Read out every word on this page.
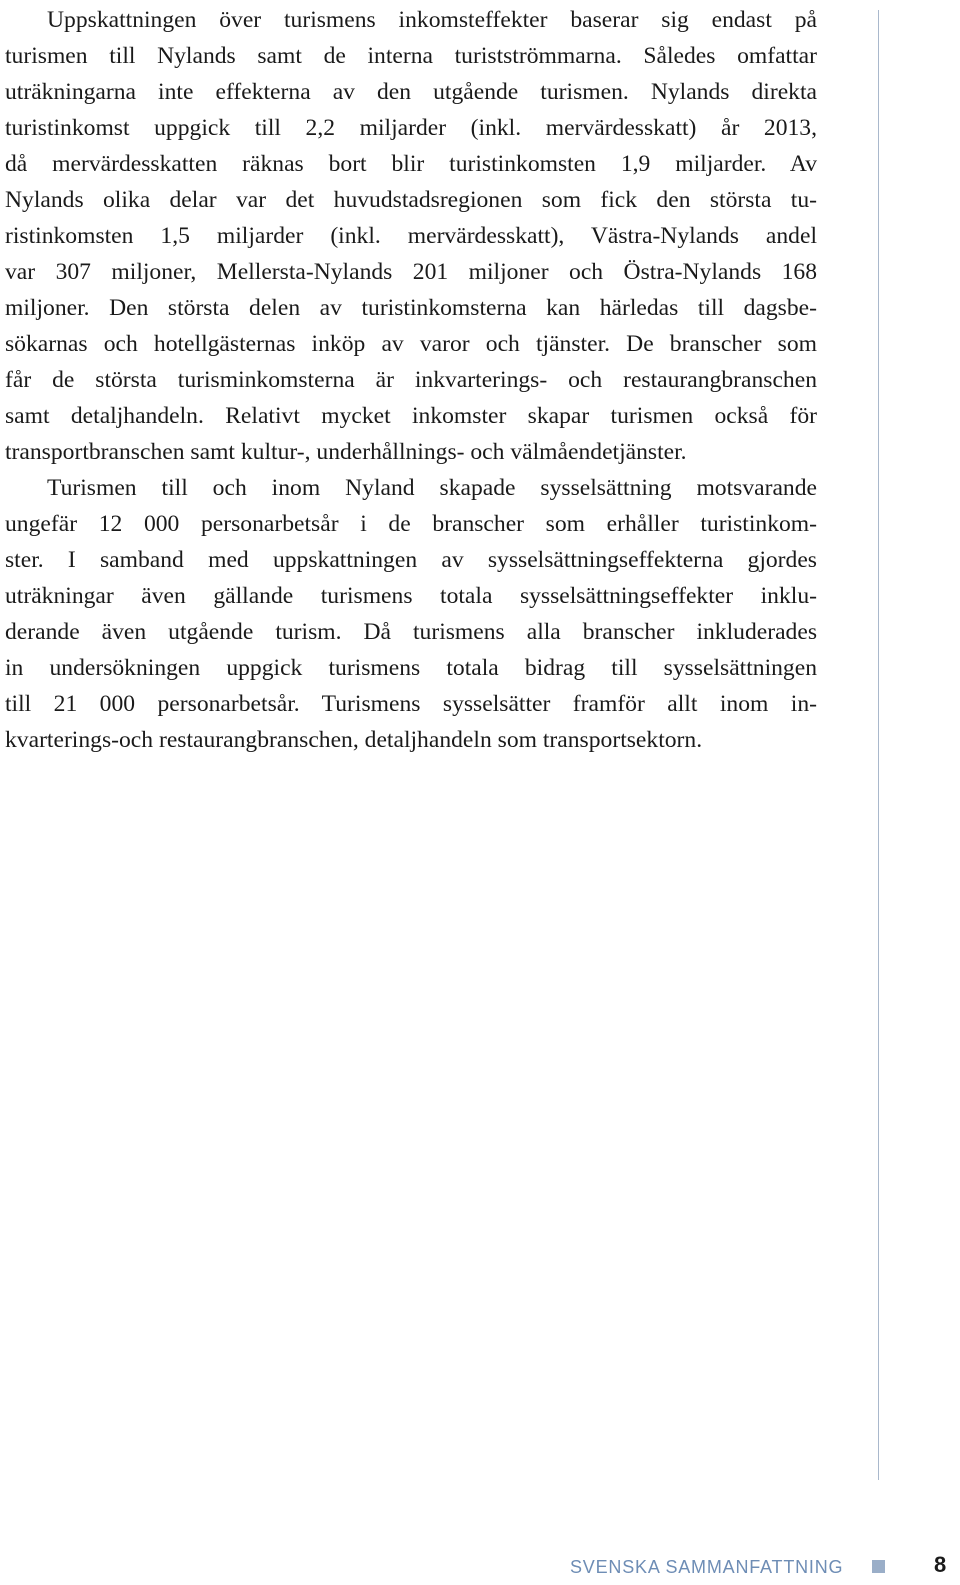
Uppskattningen över turismens inkomsteffekter baserar sig endast på
turismen till Nylands samt de interna turistströmmarna. Således omfattar
uträkningarna inte effekterna av den utgående turismen. Nylands direkta
turistinkomst uppgick till 2,2 miljarder (inkl. mervärdesskatt) år 2013,
då mervärdesskatten räknas bort blir turistinkomsten 1,9 miljarder. Av
Nylands olika delar var det huvudstadsregionen som fick den största tu-
ristinkomsten 1,5 miljarder (inkl. mervärdesskatt), Västra-Nylands andel
var 307 miljoner, Mellersta-Nylands 201 miljoner och Östra-Nylands 168
miljoner. Den största delen av turistinkomsterna kan härledas till dagsbe-
sökarnas och hotellgästernas inköp av varor och tjänster. De branscher som
får de största turisminkomsterna är inkvarterings- och restaurangbranschen
samt detaljhandeln. Relativt mycket inkomster skapar turismen också för
transportbranschen samt kultur-, underhållnings- och välmåendetjänster.
Turismen till och inom Nyland skapade sysselsättning motsvarande
ungefär 12 000 personarbetsår i de branscher som erhåller turistinkom-
ster. I samband med uppskattningen av sysselsättningseffekterna gjordes
uträkningar även gällande turismens totala sysselsättningseffekter inklu-
derande även utgående turism. Då turismens alla branscher inkluderades
in undersökningen uppgick turismens totala bidrag till sysselsättningen
till 21 000 personarbetsår. Turismens sysselsätter framför allt inom in-
kvarterings-och restaurangbranschen, detaljhandeln som transportsektorn.
SVENSKA SAMMANFATTNING	8
